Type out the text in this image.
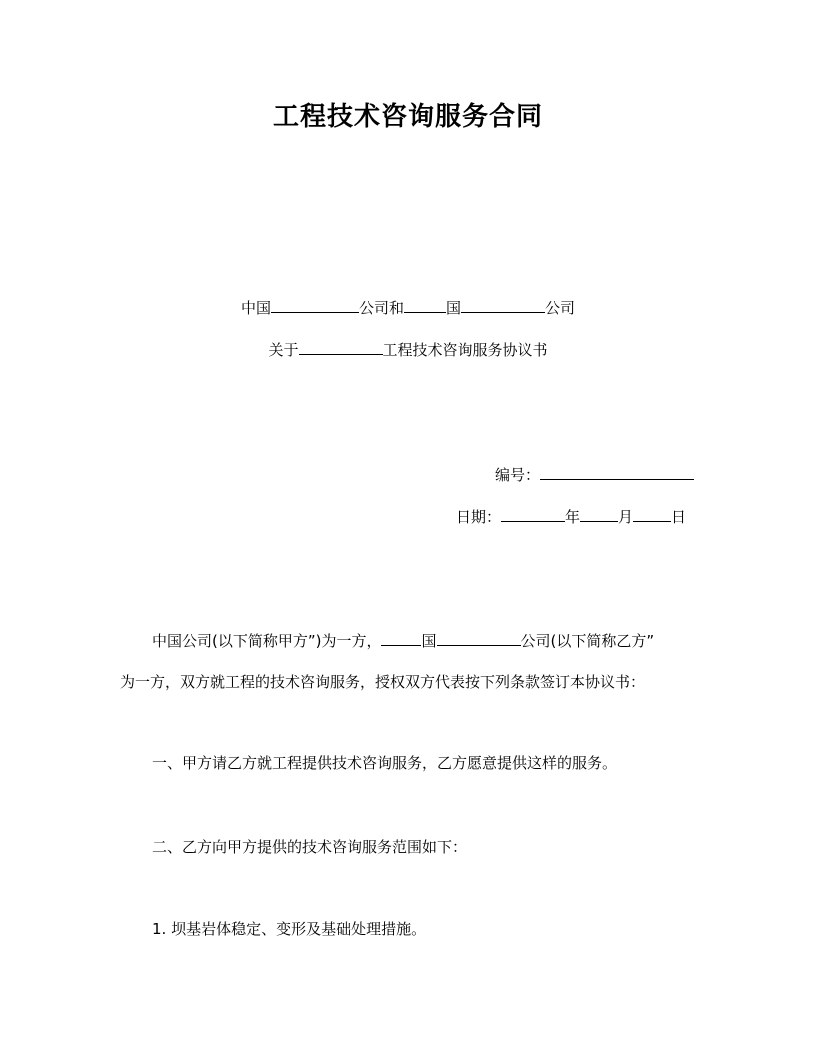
工程技术咨询服务合同
中国	公司和	国	公司
关于	工程技术咨询服务协议书
编号：
日期：	年	月	日
中国公司(以下简称甲方”)为一方，	国	公司(以下简称乙方”
为一方，双方就工程的技术咨询服务，授权双方代表按下列条款签订本协议书：
一、甲方请乙方就工程提供技术咨询服务，乙方愿意提供这样的服务。
二、乙方向甲方提供的技术咨询服务范围如下：
1. 坝基岩体稳定、变形及基础处理措施。
